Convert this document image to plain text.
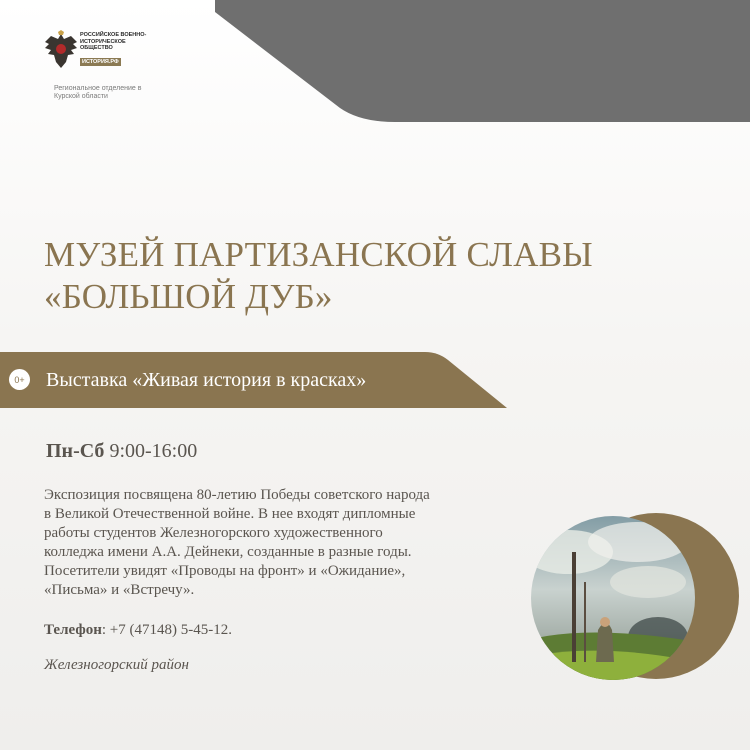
РОССИЙСКОЕ ВОЕННО-ИСТОРИЧЕСКОЕ ОБЩЕСТВО
ИСТОРИЯ.РФ
Региональное отделение в Курской области
МУЗЕЙ ПАРТИЗАНСКОЙ СЛАВЫ
«БОЛЬШОЙ ДУБ»
0+ Выставка «Живая история в красках»
Пн-Сб 9:00-16:00
Экспозиция посвящена 80-летию Победы советского народа
в Великой Отечественной войне. В нее входят дипломные
работы студентов Железногорского художественного
колледжа имени А.А. Дейнеки, созданные в разные годы.
Посетители увидят «Проводы на фронт» и «Ожидание»,
«Письма» и «Встречу».
Телефон: +7 (47148) 5-45-12.
Железногорский район
